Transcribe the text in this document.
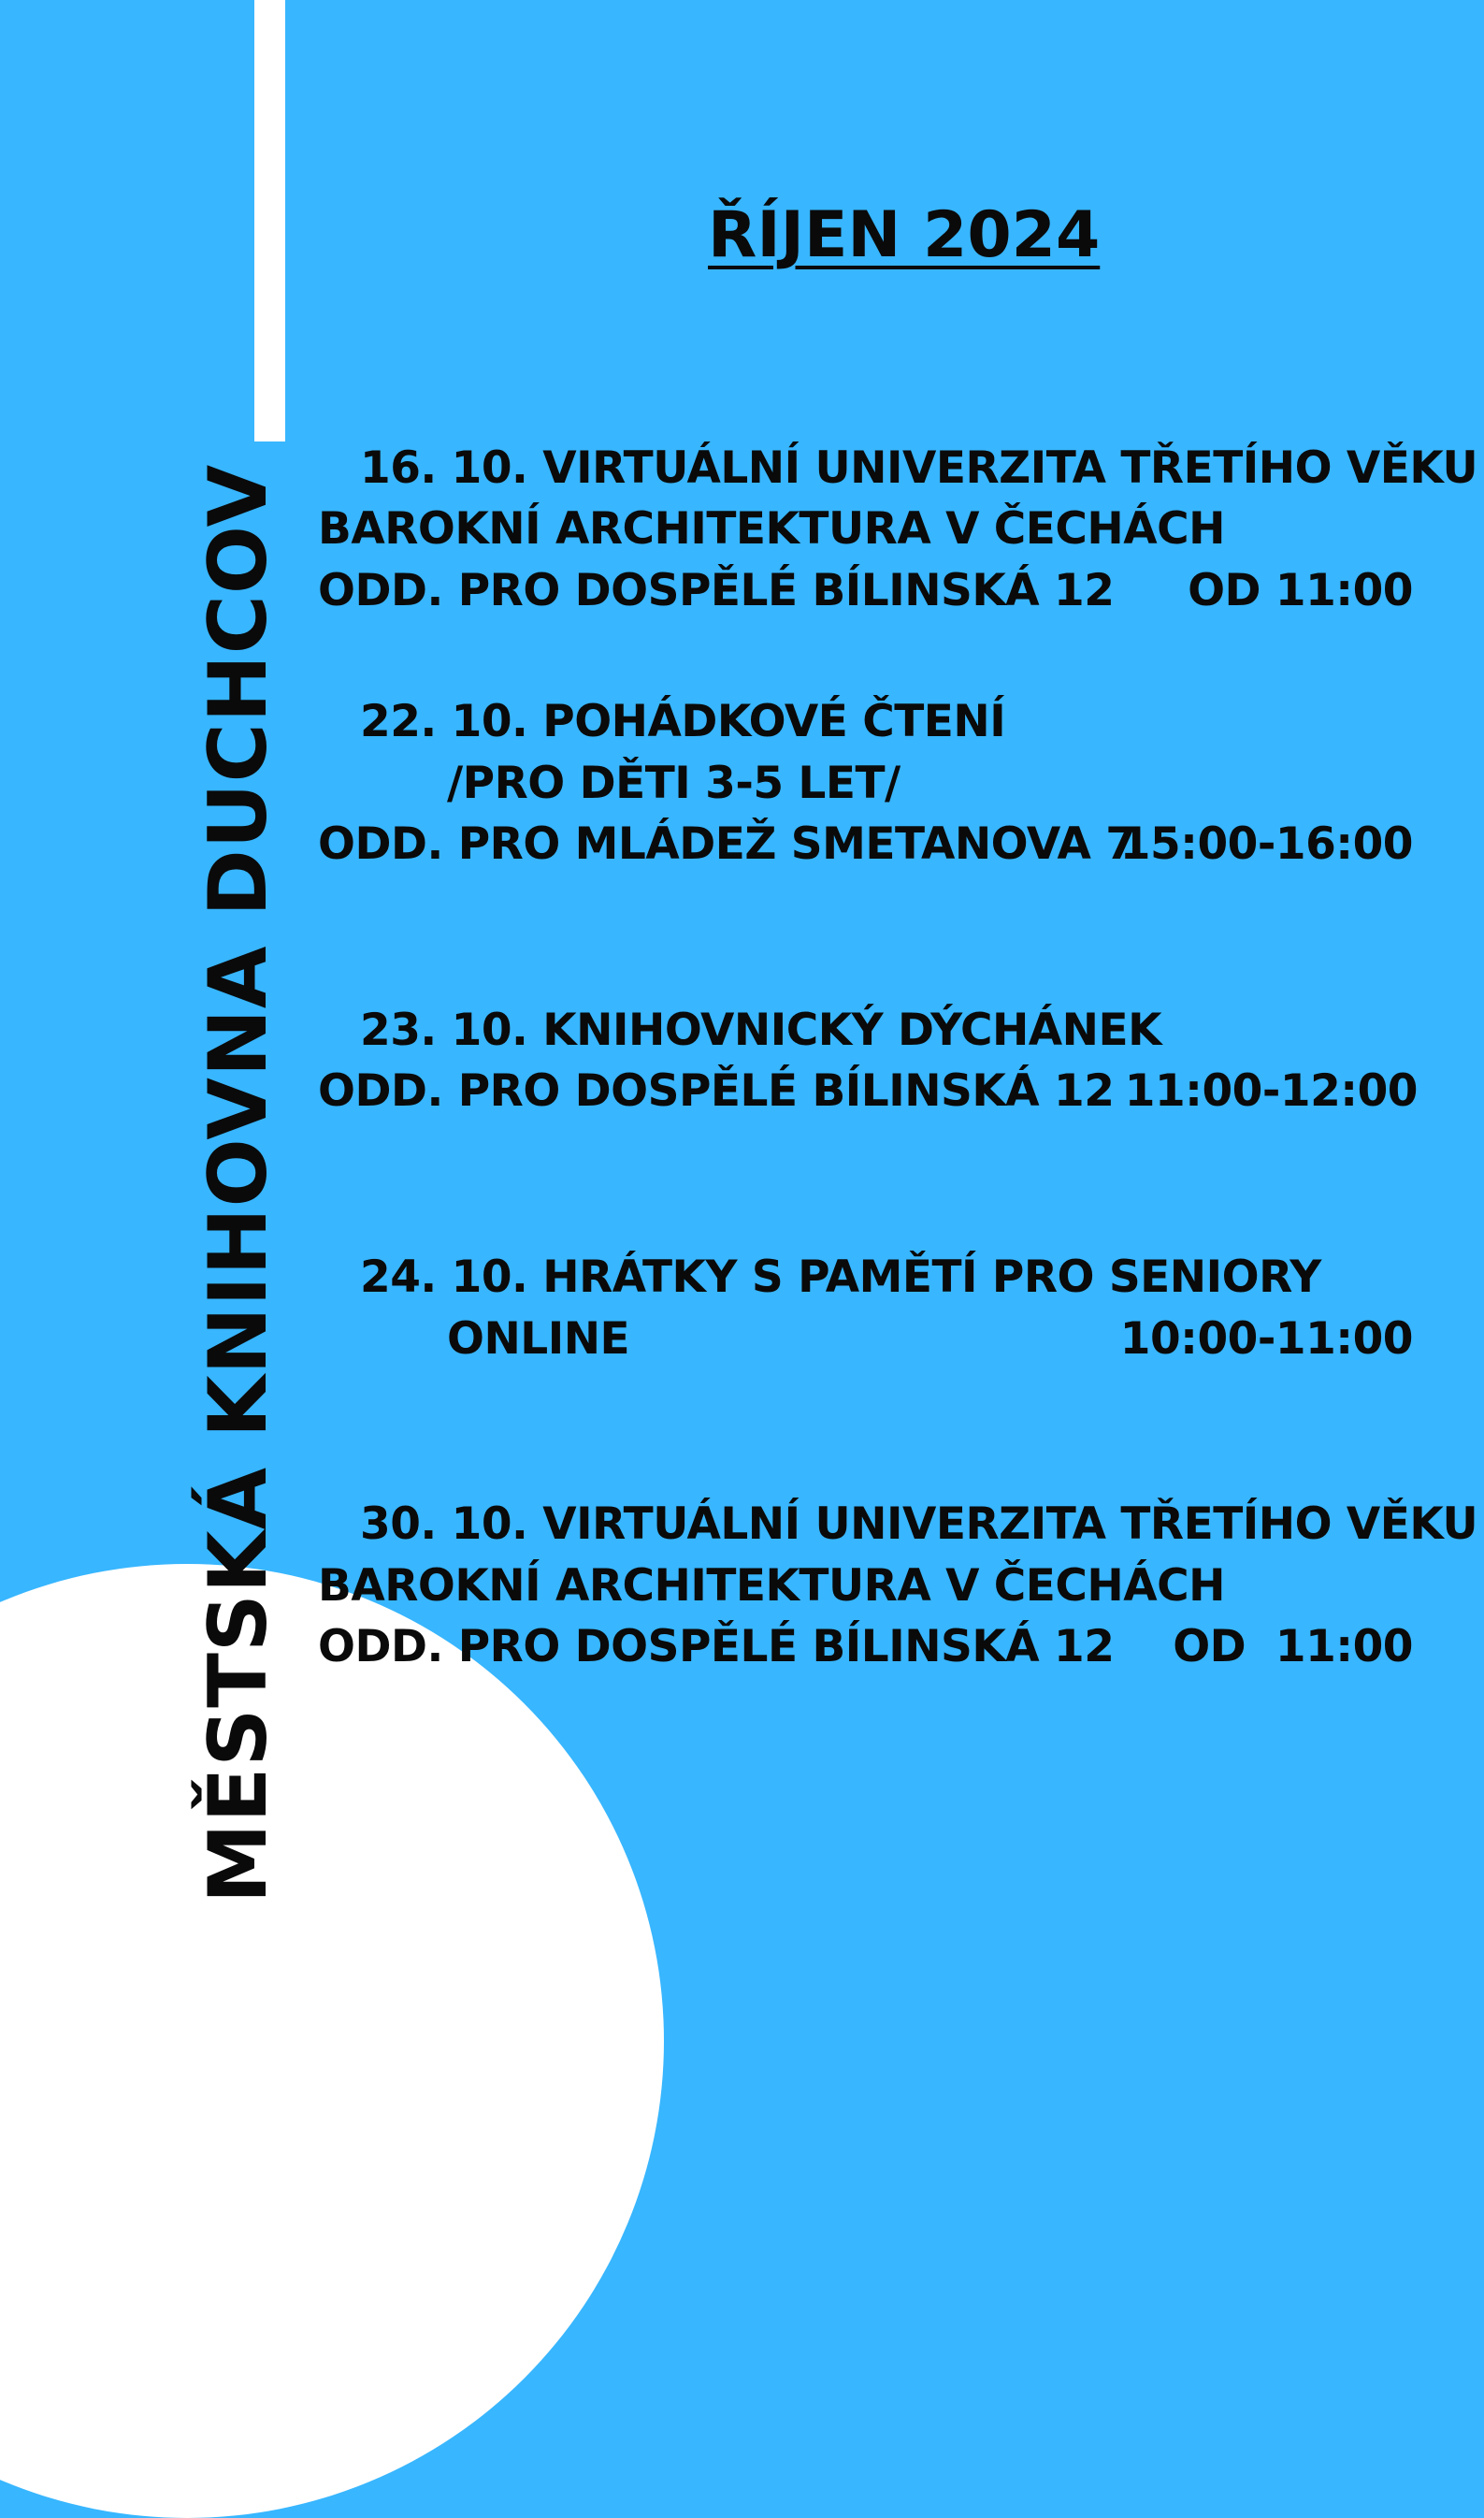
MĚSTSKÁ KNIHOVNA DUCHCOV
ŘÍJEN 2024
16. 10. VIRTUÁLNÍ UNIVERZITA TŘETÍHO VĚKU
BAROKNÍ ARCHITEKTURA V ČECHÁCH
ODD. PRO DOSPĚLÉ BÍLINSKÁ 12 OD 11:00
22. 10. POHÁDKOVÉ ČTENÍ
/PRO DĚTI 3-5 LET/
ODD. PRO MLÁDEŽ SMETANOVA 7
15:00-16:00
23. 10. KNIHOVNICKÝ DÝCHÁNEK
ODD. PRO DOSPĚLÉ BÍLINSKÁ 12 11:00-12:00
24. 10. HRÁTKY S PAMĚTÍ PRO SENIORY
ONLINE	10:00-11:00
30. 10. VIRTUÁLNÍ UNIVERZITA TŘETÍHO VĚKU
BAROKNÍ ARCHITEKTURA V ČECHÁCH
ODD. PRO DOSPĚLÉ BÍLINSKÁ 12 OD  11:00
